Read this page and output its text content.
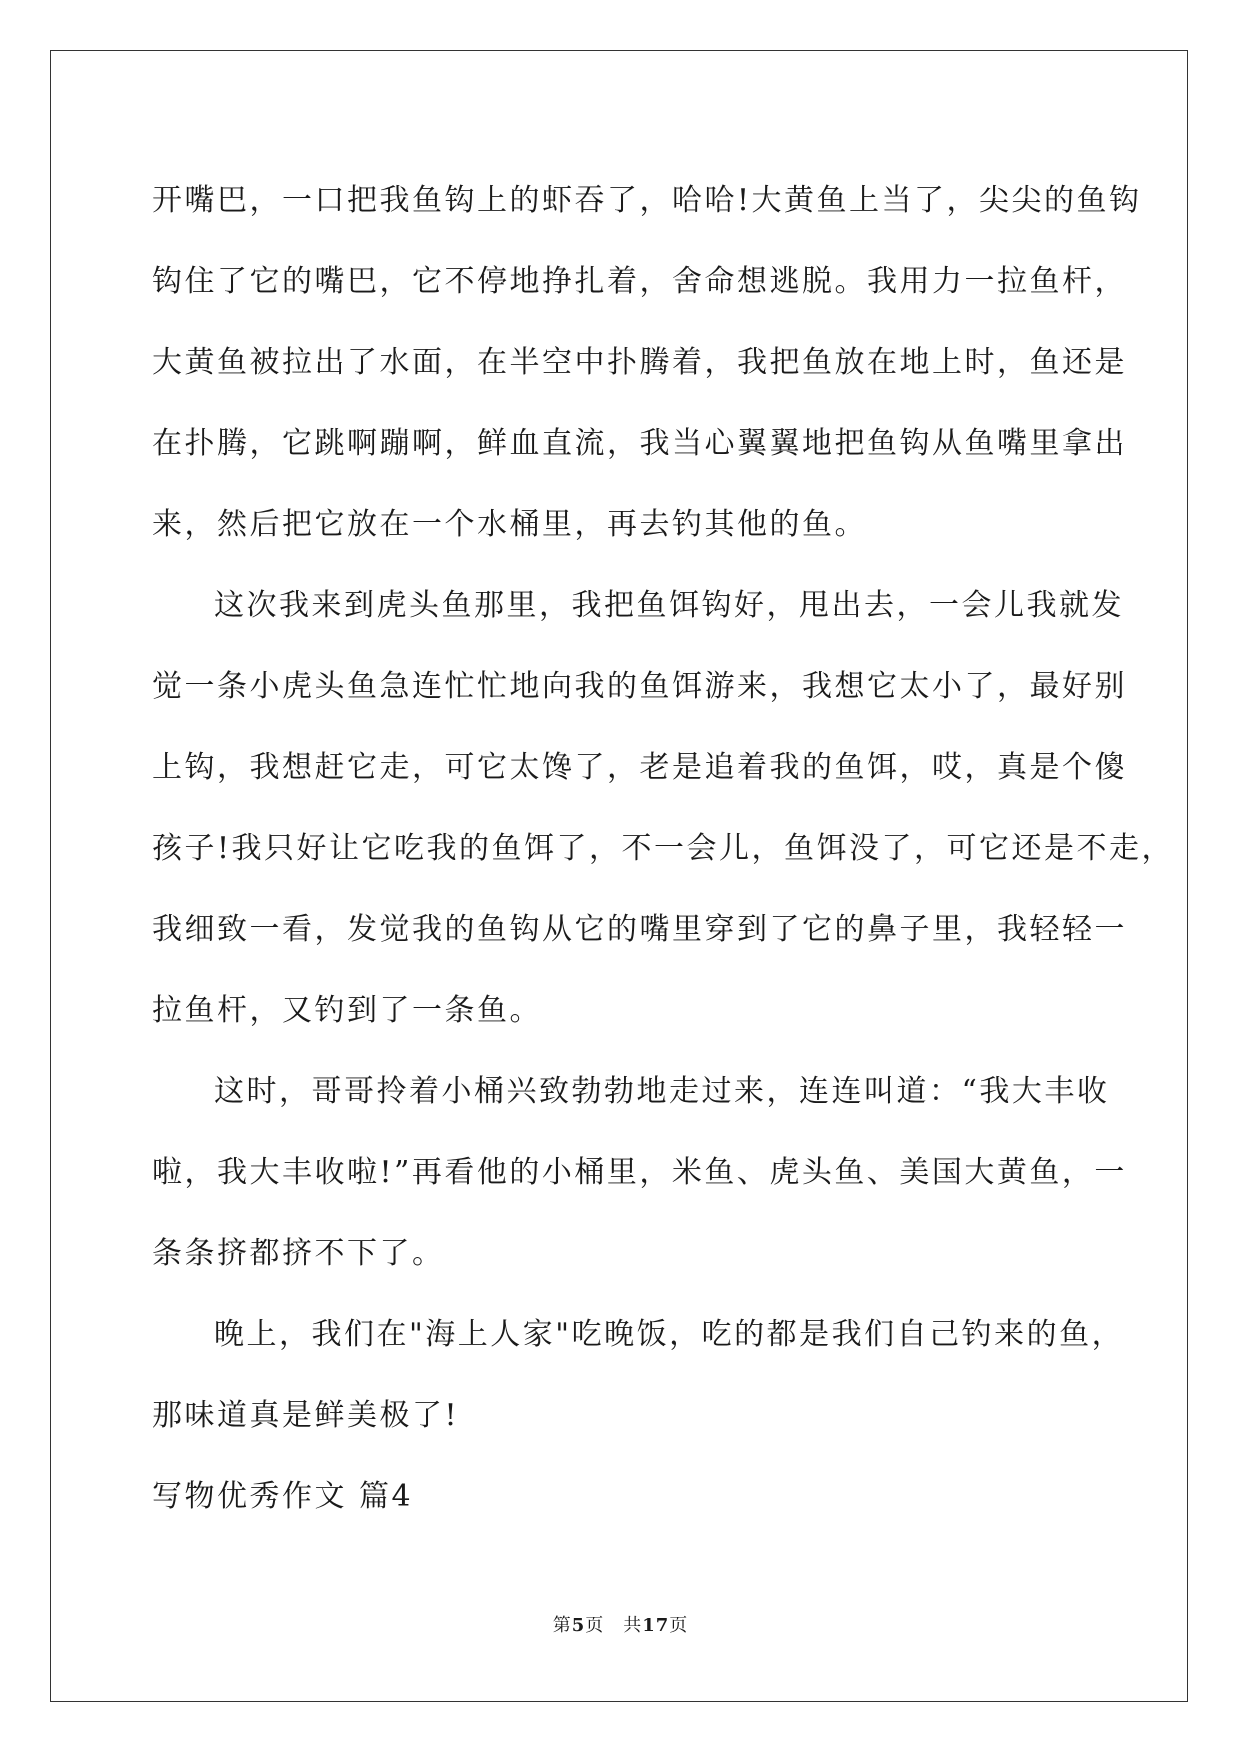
开嘴巴，一口把我鱼钩上的虾吞了，哈哈!大黄鱼上当了，尖尖的鱼钩
钩住了它的嘴巴，它不停地挣扎着，舍命想逃脱。我用力一拉鱼杆，
大黄鱼被拉出了水面，在半空中扑腾着，我把鱼放在地上时，鱼还是
在扑腾，它跳啊蹦啊，鲜血直流，我当心翼翼地把鱼钩从鱼嘴里拿出
来，然后把它放在一个水桶里，再去钓其他的鱼。
这次我来到虎头鱼那里，我把鱼饵钩好，甩出去，一会儿我就发
觉一条小虎头鱼急连忙忙地向我的鱼饵游来，我想它太小了，最好别
上钩，我想赶它走，可它太馋了，老是追着我的鱼饵，哎，真是个傻
孩子!我只好让它吃我的鱼饵了，不一会儿，鱼饵没了，可它还是不走，
我细致一看，发觉我的鱼钩从它的嘴里穿到了它的鼻子里，我轻轻一
拉鱼杆，又钓到了一条鱼。
这时，哥哥拎着小桶兴致勃勃地走过来，连连叫道：“我大丰收
啦，我大丰收啦!”再看他的小桶里，米鱼、虎头鱼、美国大黄鱼，一
条条挤都挤不下了。
晚上，我们在"海上人家"吃晚饭，吃的都是我们自己钓来的鱼，
那味道真是鲜美极了!

写物优秀作文 篇4

第5页　共17页
